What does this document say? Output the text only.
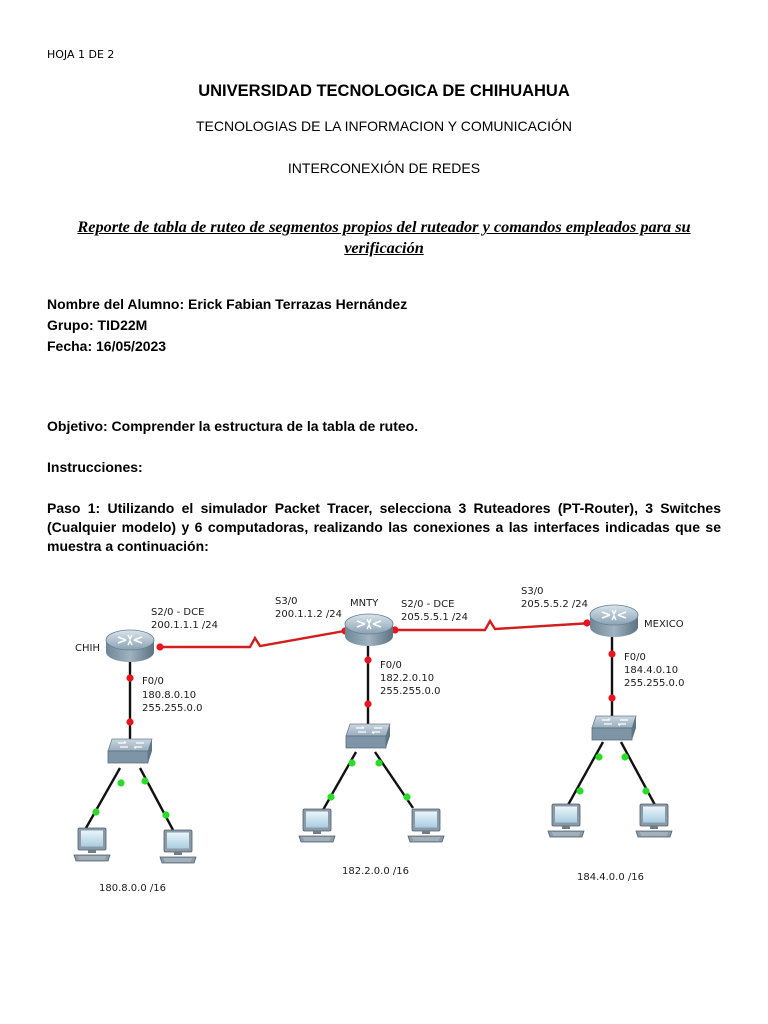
HOJA 1 DE 2
UNIVERSIDAD TECNOLOGICA DE CHIHUAHUA
TECNOLOGIAS DE LA INFORMACION Y COMUNICACIÓN
INTERCONEXIÓN DE REDES
Reporte de tabla de ruteo de segmentos propios del ruteador y comandos empleados para su
verificación
Nombre del Alumno: Erick Fabian Terrazas Hernández
Grupo: TID22M
Fecha: 16/05/2023
Objetivo: Comprender la estructura de la tabla de ruteo.
Instrucciones:
Paso 1: Utilizando el simulador Packet Tracer, selecciona 3 Ruteadores (PT-Router), 3 Switches (Cualquier modelo) y 6 computadoras, realizando las conexiones a las interfaces indicadas que se muestra a continuación:
CHIH
S2/0 - DCE
200.1.1.1 /24
F0/0
180.8.0.10
255.255.0.0
180.8.0.0 /16
MNTY
S3/0
200.1.1.2 /24
S2/0 - DCE
205.5.5.1 /24
F0/0
182.2.0.10
255.255.0.0
182.2.0.0 /16
MEXICO
S3/0
205.5.5.2 /24
F0/0
184.4.0.10
255.255.0.0
184.4.0.0 /16
